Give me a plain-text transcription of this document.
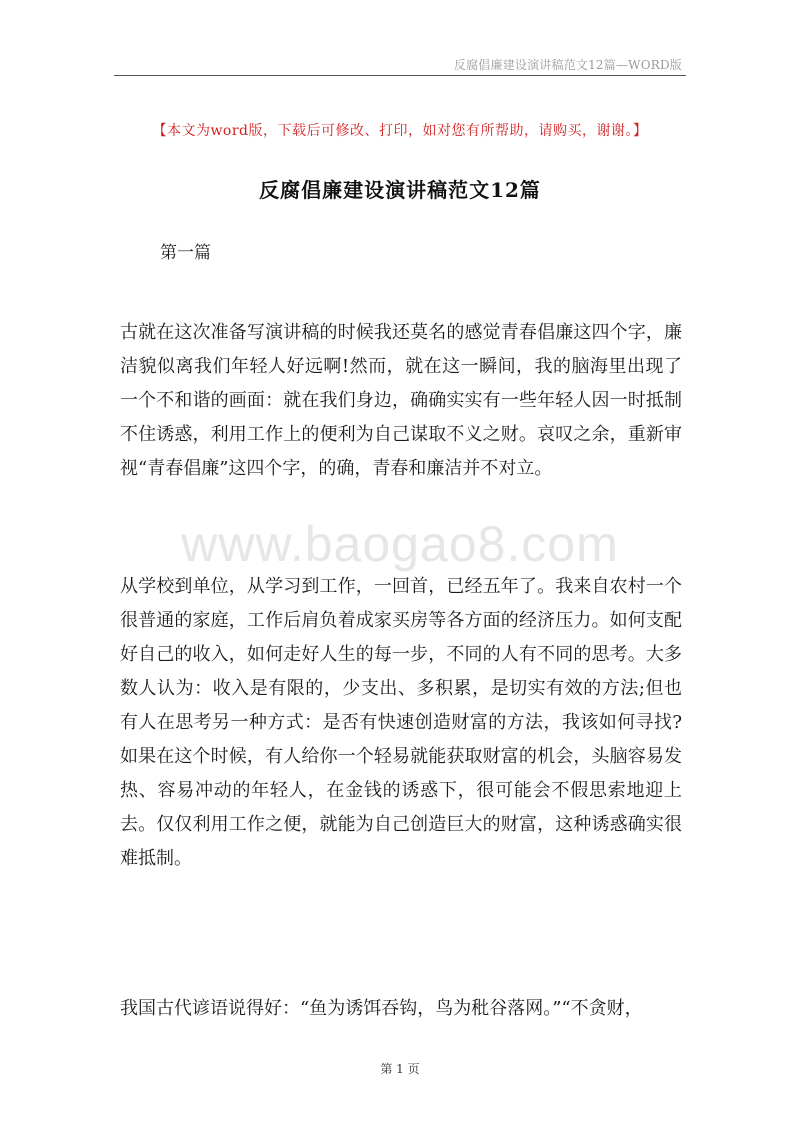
反腐倡廉建设演讲稿范文12篇—WORD版
【本文为word版，下载后可修改、打印，如对您有所帮助，请购买，谢谢。】
反腐倡廉建设演讲稿范文12篇
第一篇
古就在这次准备写演讲稿的时候我还莫名的感觉青春倡廉这四个字，廉洁貌似离我们年轻人好远啊!然而，就在这一瞬间，我的脑海里出现了一个不和谐的画面：就在我们身边，确确实实有一些年轻人因一时抵制不住诱惑，利用工作上的便利为自己谋取不义之财。哀叹之余，重新审视“青春倡廉”这四个字，的确，青春和廉洁并不对立。
www.baogao8.com
从学校到单位，从学习到工作，一回首，已经五年了。我来自农村一个很普通的家庭，工作后肩负着成家买房等各方面的经济压力。如何支配好自己的收入，如何走好人生的每一步，不同的人有不同的思考。大多数人认为：收入是有限的，少支出、多积累，是切实有效的方法;但也有人在思考另一种方式：是否有快速创造财富的方法，我该如何寻找?如果在这个时候，有人给你一个轻易就能获取财富的机会，头脑容易发热、容易冲动的年轻人，在金钱的诱惑下，很可能会不假思索地迎上去。仅仅利用工作之便，就能为自己创造巨大的财富，这种诱惑确实很难抵制。
我国古代谚语说得好：“鱼为诱饵吞钩，鸟为秕谷落网。”“不贪财，
第 1 页
